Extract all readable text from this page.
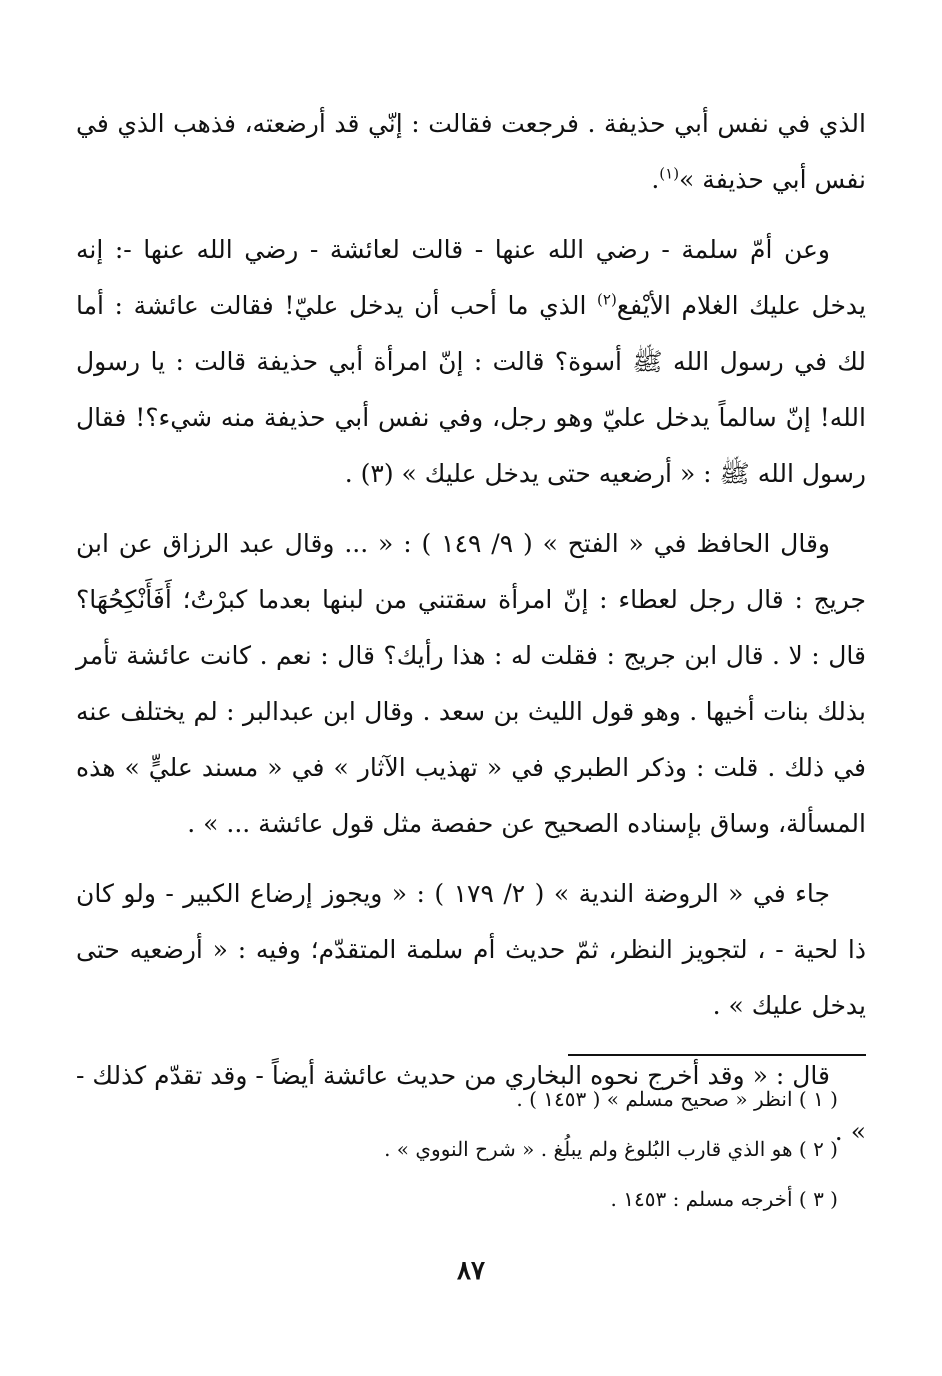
الذي في نفس أبي حذيفة . فرجعت فقالت : إنّي قد أرضعته، فذهب الذي في نفس أبي حذيفة »$^{(١)}$.

وعن أمّ سلمة - رضي الله عنها - قالت لعائشة - رضي الله عنها -: إنه يدخل عليك الغلام الأيْفع$^{(٢)}$ الذي ما أحب أن يدخل عليّ! فقالت عائشة : أما لك في رسول الله ﷺ أسوة؟ قالت : إنّ امرأة أبي حذيفة قالت : يا رسول الله! إنّ سالماً يدخل عليّ وهو رجل، وفي نفس أبي حذيفة منه شيء؟! فقال رسول الله ﷺ : « أرضعيه حتى يدخل عليك » (٣) .

وقال الحافظ في « الفتح » ( ٩/ ١٤٩ ) : « ... وقال عبد الرزاق عن ابن جريج : قال رجل لعطاء : إنّ امرأة سقتني من لبنها بعدما كبرْتُ؛ أَفَأَنْكِحُهَا؟ قال : لا . قال ابن جريج : فقلت له : هذا رأيك؟ قال : نعم . كانت عائشة تأمر بذلك بنات أخيها . وهو قول الليث بن سعد . وقال ابن عبدالبر : لم يختلف عنه في ذلك . قلت : وذكر الطبري في « تهذيب الآثار » في « مسند عليٍّ » هذه المسألة، وساق بإسناده الصحيح عن حفصة مثل قول عائشة ... » .

جاء في « الروضة الندية » ( ٢/ ١٧٩ ) : « ويجوز إرضاع الكبير - ولو كان ذا لحية - ، لتجويز النظر، ثمّ حديث أم سلمة المتقدّم؛ وفيه : « أرضعيه حتى يدخل عليك » .

قال : « وقد أخرج نحوه البخاري من حديث عائشة أيضاً - وقد تقدّم كذلك - » .

( ١ ) انظر « صحيح مسلم » ( ١٤٥٣ ) .

( ٢ ) هو الذي قارب البُلوغ ولم يبلُغ . « شرح النووي » .

( ٣ ) أخرجه مسلم : ١٤٥٣ .

٨٧
